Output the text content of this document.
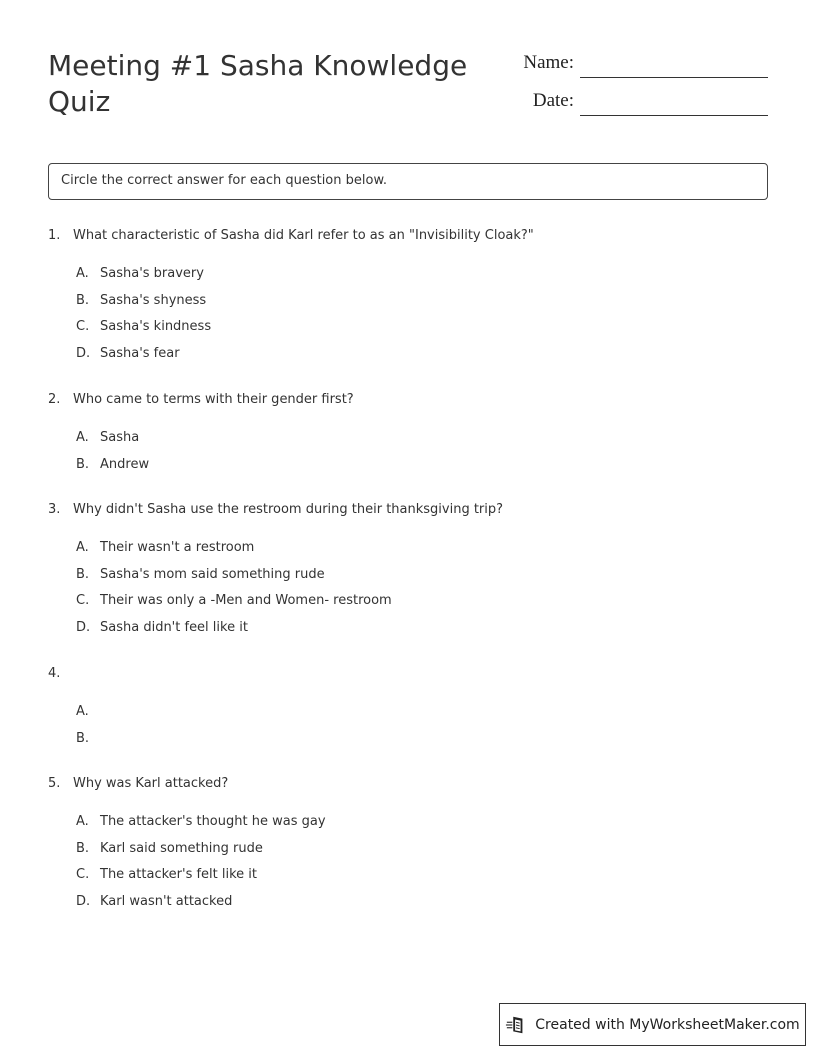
Meeting #1 Sasha Knowledge Quiz
Name:
Date:
Circle the correct answer for each question below.
1. What characteristic of Sasha did Karl refer to as an "Invisibility Cloak?"
A. Sasha's bravery
B. Sasha's shyness
C. Sasha's kindness
D. Sasha's fear
2. Who came to terms with their gender first?
A. Sasha
B. Andrew
3. Why didn't Sasha use the restroom during their thanksgiving trip?
A. Their wasn't a restroom
B. Sasha's mom said something rude
C. Their was only a -Men and Women- restroom
D. Sasha didn't feel like it
4.
A.
B.
5. Why was Karl attacked?
A. The attacker's thought he was gay
B. Karl said something rude
C. The attacker's felt like it
D. Karl wasn't attacked
Created with MyWorksheetMaker.com
